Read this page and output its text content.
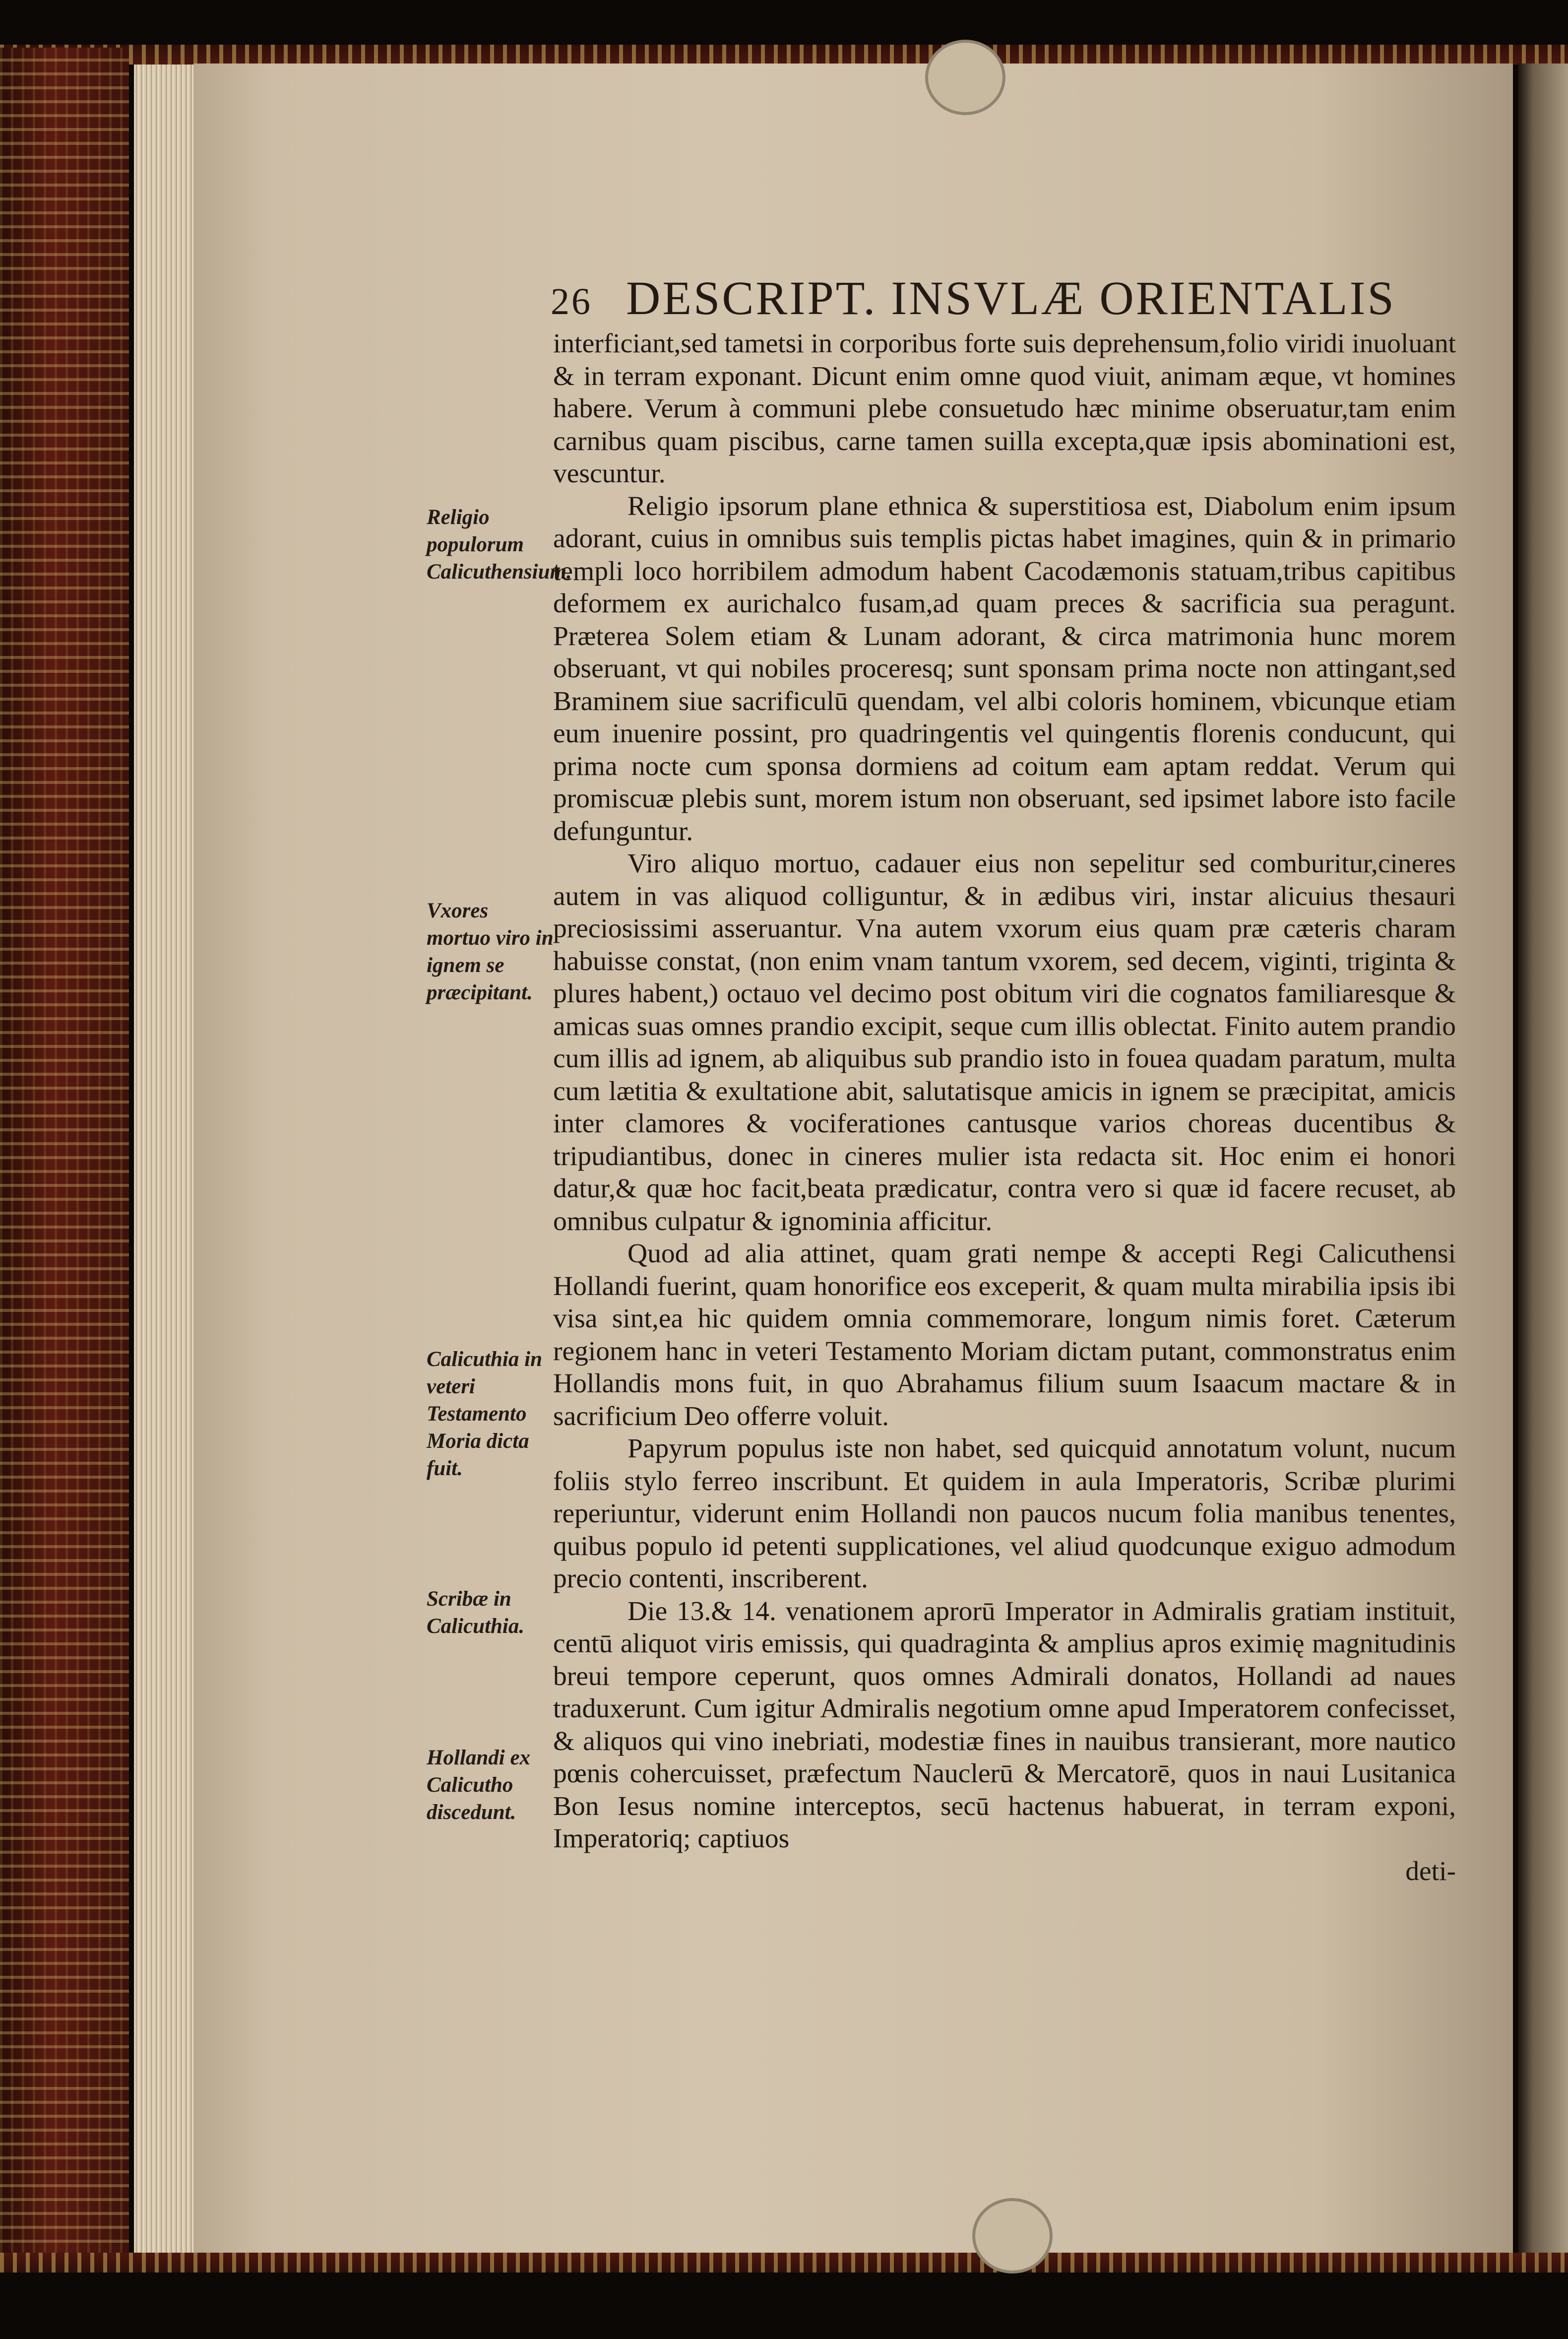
26 DESCRIPT. INSVLÆ ORIENTALIS
Religio populorum Calicuthensium.
Vxores mortuo viro in ignem se præcipitant.
Calicuthia in veteri Testamento Moria dicta fuit.
Scribæ in Calicuthia.
Hollandi ex Calicutho discedunt.

interficiant,sed tametsi in corporibus forte suis deprehensum,folio viridi inuoluant & in terram exponant. Dicunt enim omne quod viuit, animam æque, vt homines habere. Verum à communi plebe consuetudo hæc minime obseruatur,tam enim carnibus quam piscibus, carne tamen suilla excepta,quæ ipsis abominationi est, vescuntur.

Religio ipsorum plane ethnica & superstitiosa est, Diabolum enim ipsum adorant, cuius in omnibus suis templis pictas habet imagines, quin & in primario templi loco horribilem admodum habent Cacodæmonis statuam,tribus capitibus deformem ex aurichalco fusam,ad quam preces & sacrificia sua peragunt. Præterea Solem etiam & Lunam adorant, & circa matrimonia hunc morem obseruant, vt qui nobiles proceresq; sunt sponsam prima nocte non attingant,sed Braminem siue sacrificulū quendam, vel albi coloris hominem, vbicunque etiam eum inuenire possint, pro quadringentis vel quingentis florenis conducunt, qui prima nocte cum sponsa dormiens ad coitum eam aptam reddat. Verum qui promiscuæ plebis sunt, morem istum non obseruant, sed ipsimet labore isto facile defunguntur.

Viro aliquo mortuo, cadauer eius non sepelitur sed comburitur,cineres autem in vas aliquod colliguntur, & in ædibus viri, instar alicuius thesauri preciosissimi asseruantur. Vna autem vxorum eius quam præ cæteris charam habuisse constat, (non enim vnam tantum vxorem, sed decem, viginti, triginta & plures habent,) octauo vel decimo post obitum viri die cognatos familiaresque & amicas suas omnes prandio excipit, seque cum illis oblectat. Finito autem prandio cum illis ad ignem, ab aliquibus sub prandio isto in fouea quadam paratum, multa cum lætitia & exultatione abit, salutatisque amicis in ignem se præcipitat, amicis inter clamores & vociferationes cantusque varios choreas ducentibus & tripudiantibus, donec in cineres mulier ista redacta sit. Hoc enim ei honori datur,& quæ hoc facit,beata prædicatur, contra vero si quæ id facere recuset, ab omnibus culpatur & ignominia afficitur.

Quod ad alia attinet, quam grati nempe & accepti Regi Calicuthensi Hollandi fuerint, quam honorifice eos exceperit, & quam multa mirabilia ipsis ibi visa sint,ea hic quidem omnia commemorare, longum nimis foret. Cæterum regionem hanc in veteri Testamento Moriam dictam putant, commonstratus enim Hollandis mons fuit, in quo Abrahamus filium suum Isaacum mactare & in sacrificium Deo offerre voluit.

Papyrum populus iste non habet, sed quicquid annotatum volunt, nucum foliis stylo ferreo inscribunt. Et quidem in aula Imperatoris, Scribæ plurimi reperiuntur, viderunt enim Hollandi non paucos nucum folia manibus tenentes, quibus populo id petenti supplicationes, vel aliud quodcunque exiguo admodum precio contenti, inscriberent.

Die 13.& 14. venationem aprorū Imperator in Admiralis gratiam instituit, centū aliquot viris emissis, qui quadraginta & amplius apros eximię magnitudinis breui tempore ceperunt, quos omnes Admirali donatos, Hollandi ad naues traduxerunt. Cum igitur Admiralis negotium omne apud Imperatorem confecisset, & aliquos qui vino inebriati, modestiæ fines in nauibus transierant, more nautico pœnis cohercuisset, præfectum Nauclerū & Mercatorē, quos in naui Lusitanica Bon Iesus nomine interceptos, secū hactenus habuerat, in terram exponi, Imperatoriq; captiuos

deti-
